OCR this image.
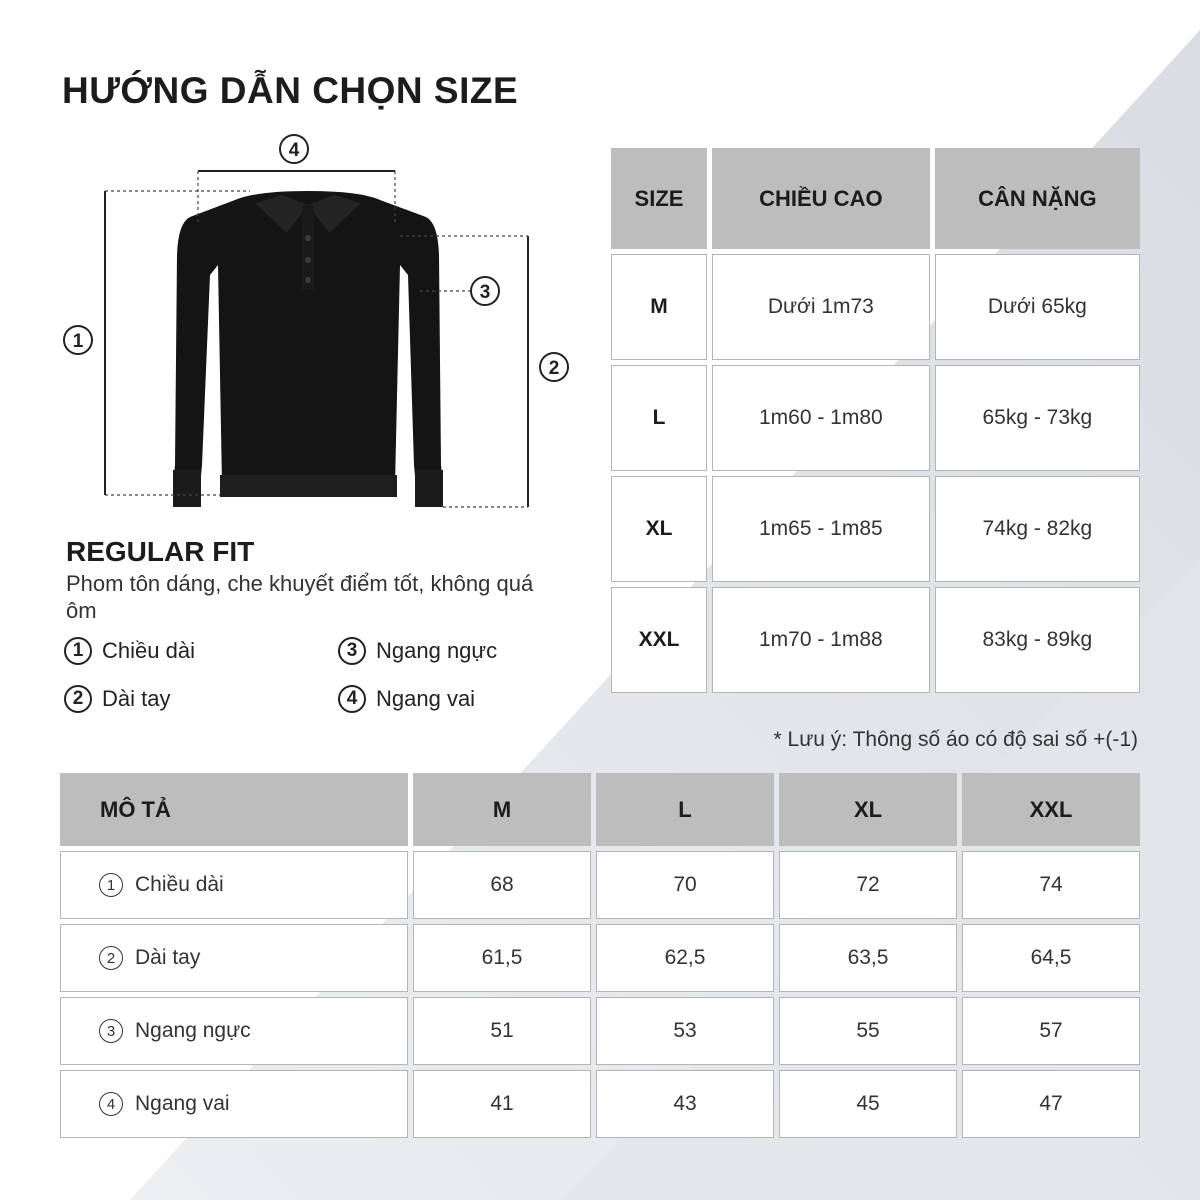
HƯỚNG DẪN CHỌN SIZE
4
1
2
3
REGULAR FIT

Phom tôn dáng, che khuyết điểm tốt, không quá ôm

1 Chiều dài
2 Dài tay
3 Ngang ngực
4 Ngang vai
SIZE	CHIỀU CAO	CÂN NẶNG
M	Dưới 1m73	Dưới 65kg
L	1m60 - 1m80	65kg - 73kg
XL	1m65 - 1m85	74kg - 82kg
XXL	1m70 - 1m88	83kg - 89kg

* Lưu ý: Thông số áo có độ sai số +(-1)

MÔ TẢ	M	L	XL	XXL

1 Chiều dài	68	70	72	74

2 Dài tay	61,5	62,5	63,5	64,5

3 Ngang ngực	51	53	55	57

4 Ngang vai	41	43	45	47
